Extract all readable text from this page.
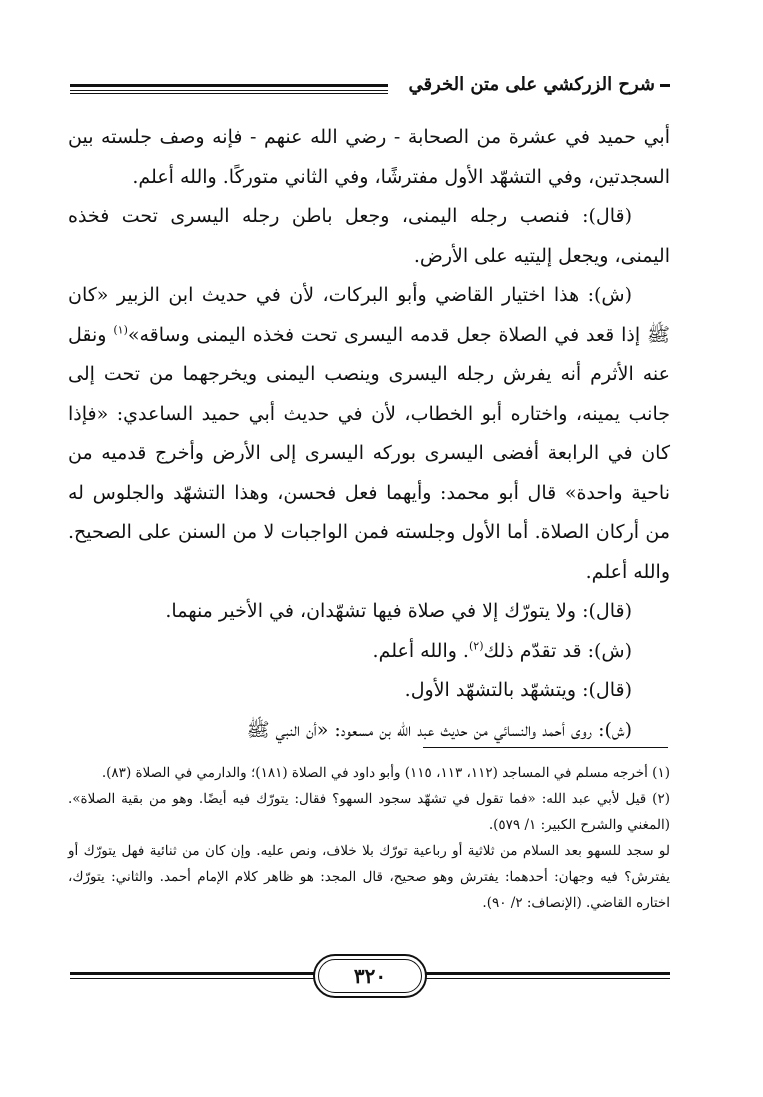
شرح الزركشي على متن الخرقي

أبي حميد في عشرة من الصحابة - رضي الله عنهم - فإنه وصف جلسته بين السجدتين، وفي التشهّد الأول مفترشًا، وفي الثاني متوركًا. والله أعلم.

(قال): فنصب رجله اليمنى، وجعل باطن رجله اليسرى تحت فخذه اليمنى، ويجعل إليتيه على الأرض.

(ش): هذا اختيار القاضي وأبو البركات، لأن في حديث ابن الزبير «كان ﷺ إذا قعد في الصلاة جعل قدمه اليسرى تحت فخذه اليمنى وساقه»$^{(١)}$ ونقل عنه الأثرم أنه يفرش رجله اليسرى وينصب اليمنى ويخرجهما من تحت إلى جانب يمينه، واختاره أبو الخطاب، لأن في حديث أبي حميد الساعدي: «فإذا كان في الرابعة أفضى اليسرى بوركه اليسرى إلى الأرض وأخرج قدميه من ناحية واحدة» قال أبو محمد: وأيهما فعل فحسن، وهذا التشهّد والجلوس له من أركان الصلاة. أما الأول وجلسته فمن الواجبات لا من السنن على الصحيح. والله أعلم.

(قال): ولا يتورّك إلا في صلاة فيها تشهّدان، في الأخير منهما.

(ش): قد تقدّم ذلك$^{(٢)}$. والله أعلم.

(قال): ويتشهّد بالتشهّد الأول.

(ش): روى أحمد والنسائي من حديث عبد الله بن مسعود: «أن النبي ﷺ

(١) أخرجه مسلم في المساجد (١١٢، ١١٣، ١١٥) وأبو داود في الصلاة (١٨١)؛ والدارمي في الصلاة (٨٣).

(٢) قيل لأبي عبد الله: «فما تقول في تشهّد سجود السهو؟ فقال: يتورّك فيه أيضًا. وهو من بقية الصلاة». (المغني والشرح الكبير: ١/ ٥٧٩).

لو سجد للسهو بعد السلام من ثلاثية أو رباعية تورّك بلا خلاف، ونص عليه. وإن كان من ثنائية فهل يتورّك أو يفترش؟ فيه وجهان: أحدهما: يفترش وهو صحيح، قال المجد: هو ظاهر كلام الإمام أحمد. والثاني: يتورّك، اختاره القاضي. (الإنصاف: ٢/ ٩٠).

٣٢٠
